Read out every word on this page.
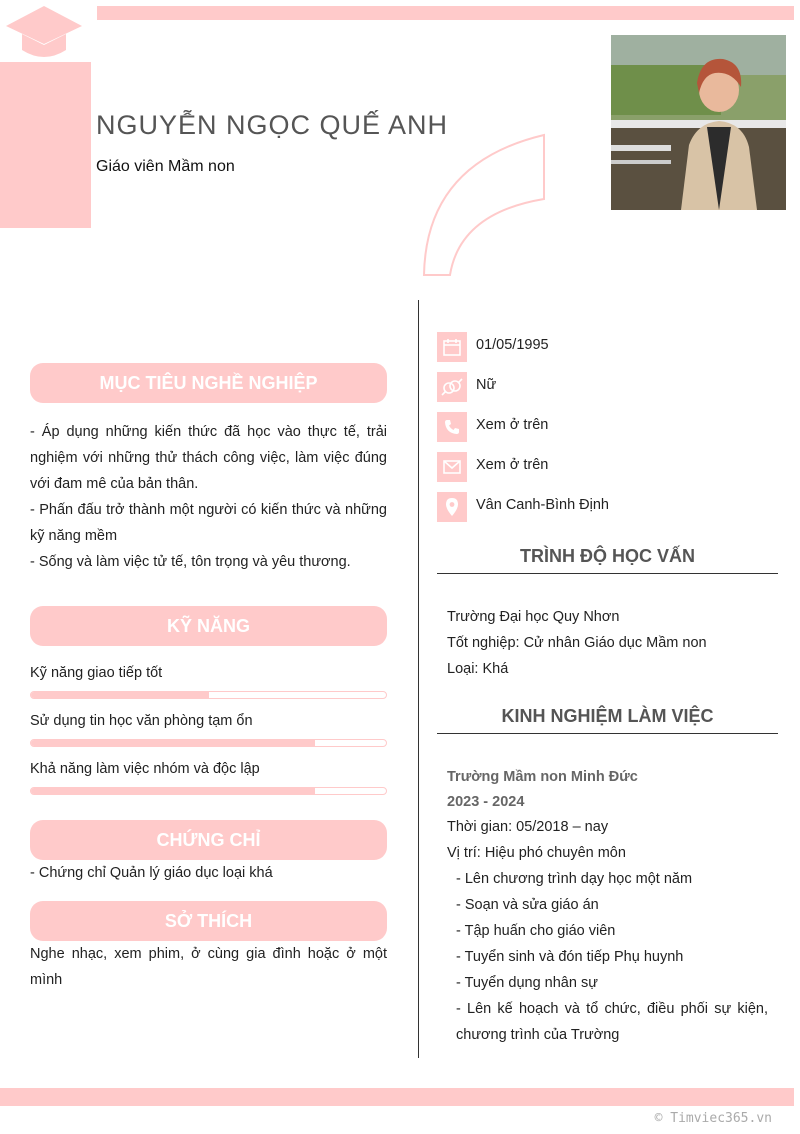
NGUYỄN NGỌC QUẾ ANH
Giáo viên Mầm non
MỤC TIÊU NGHỀ NGHIỆP
- Áp dụng những kiến thức đã học vào thực tế, trải nghiệm với những thử thách công việc, làm việc đúng với đam mê của bản thân.
- Phấn đấu trở thành một người có kiến thức và những kỹ năng mềm
- Sống và làm việc tử tế, tôn trọng và yêu thương.
KỸ NĂNG
Kỹ năng giao tiếp tốt
Sử dụng tin học văn phòng tạm ổn
Khả năng làm việc nhóm và độc lập
CHỨNG CHỈ
- Chứng chỉ Quản lý giáo dục loại khá
SỞ THÍCH
Nghe nhạc, xem phim, ở cùng gia đình hoặc ở một mình
01/05/1995
Nữ
Xem ở trên
Xem ở trên
Vân Canh-Bình Định
TRÌNH ĐỘ HỌC VẤN
Trường Đại học Quy Nhơn
Tốt nghiệp: Cử nhân Giáo dục Mầm non
Loại: Khá
KINH NGHIỆM LÀM VIỆC
Trường Mầm non Minh Đức
2023 - 2024
Thời gian: 05/2018 – nay
Vị trí: Hiệu phó chuyên môn
- Lên chương trình dạy học một năm
- Soạn và sửa giáo án
- Tập huấn cho giáo viên
- Tuyển sinh và đón tiếp Phụ huynh
- Tuyển dụng nhân sự
- Lên kế hoạch và tổ chức, điều phối sự kiện, chương trình của Trường
© Timviec365.vn
